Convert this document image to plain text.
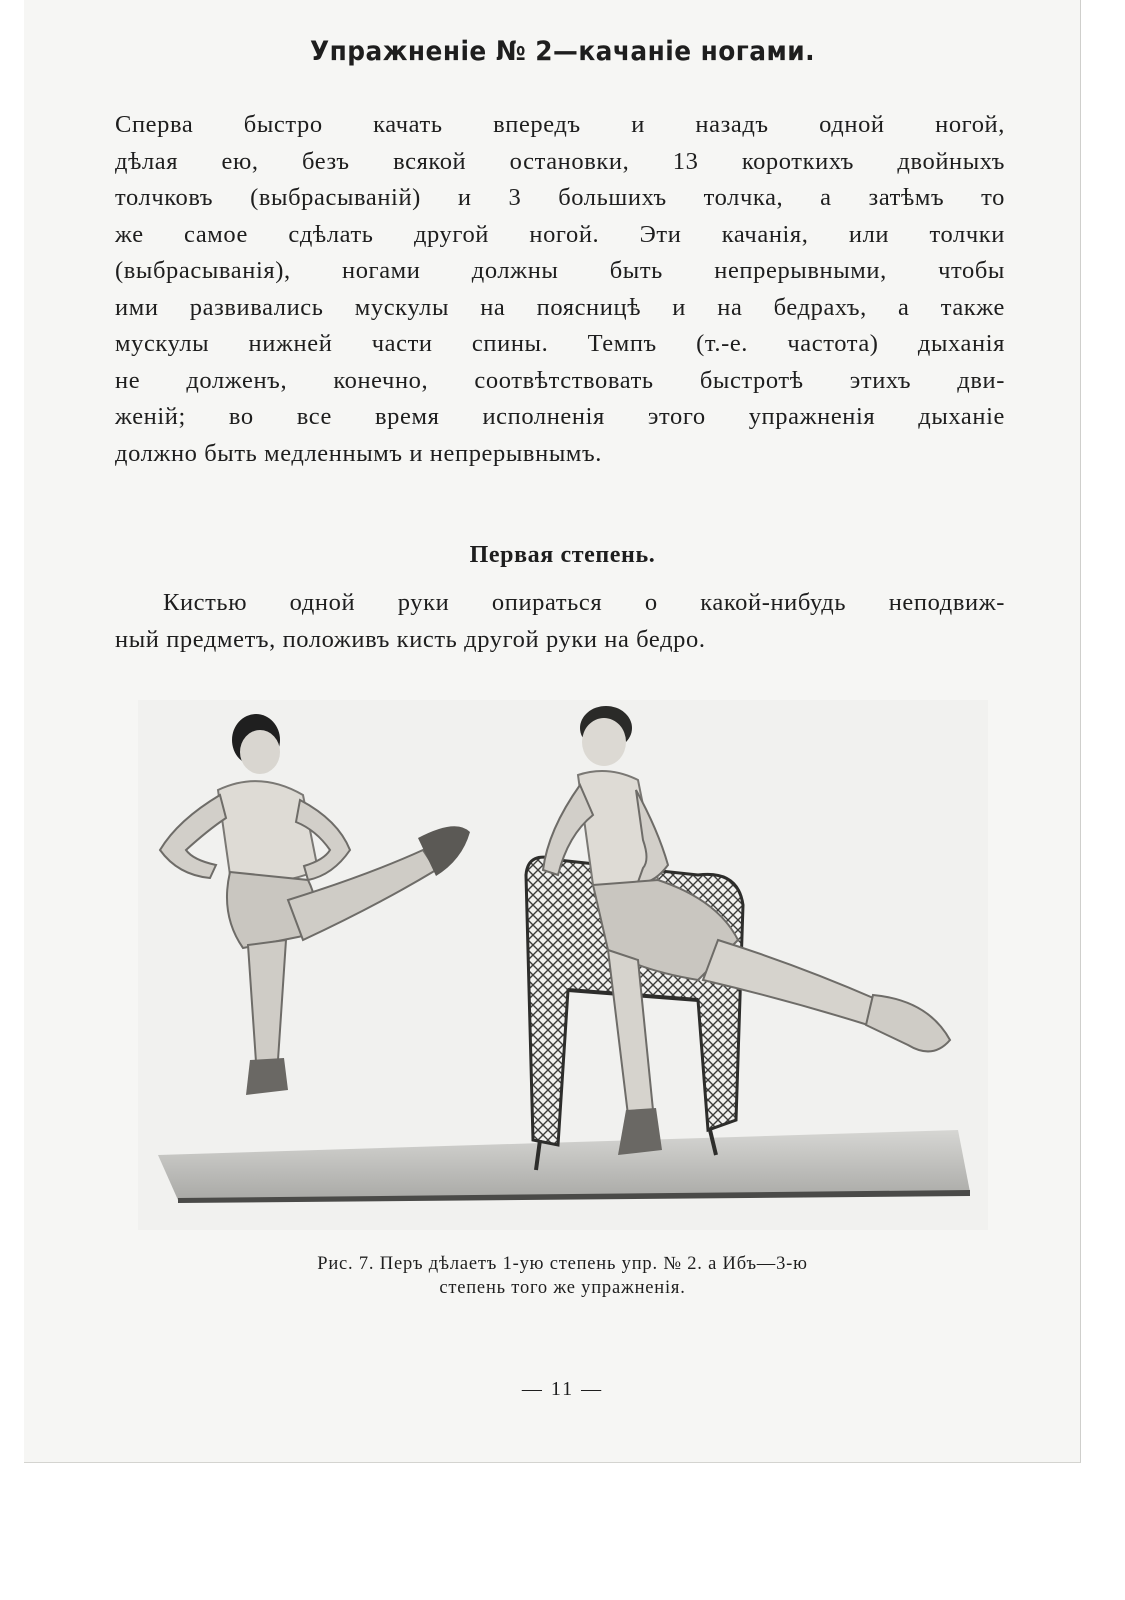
Упражненіе № 2—качаніе ногами.
Сперва быстро качать впередъ и назадъ одной ногой,
дѣлая ею, безъ всякой остановки, 13 короткихъ двойныхъ
толчковъ (выбрасываній) и 3 большихъ толчка, а затѣмъ то
же самое сдѣлать другой ногой. Эти качанія, или толчки
(выбрасыванія), ногами должны быть непрерывными, чтобы
ими развивались мускулы на поясницѣ и на бедрахъ, а также
мускулы нижней части спины. Темпъ (т.-е. частота) дыханія
не долженъ, конечно, соотвѣтствовать быстротѣ этихъ дви-
женій; во все время исполненія этого упражненія дыханіе
должно быть медленнымъ и непрерывнымъ.
Первая степень.
Кистью одной руки опираться о какой-нибудь неподвиж-
ный предметъ, положивъ кисть другой руки на бедро.
Рис. 7. Перъ дѣлаетъ 1-ую степень упр. № 2. а Ибъ—3-ю
степень того же упражненія.
— 11 —
